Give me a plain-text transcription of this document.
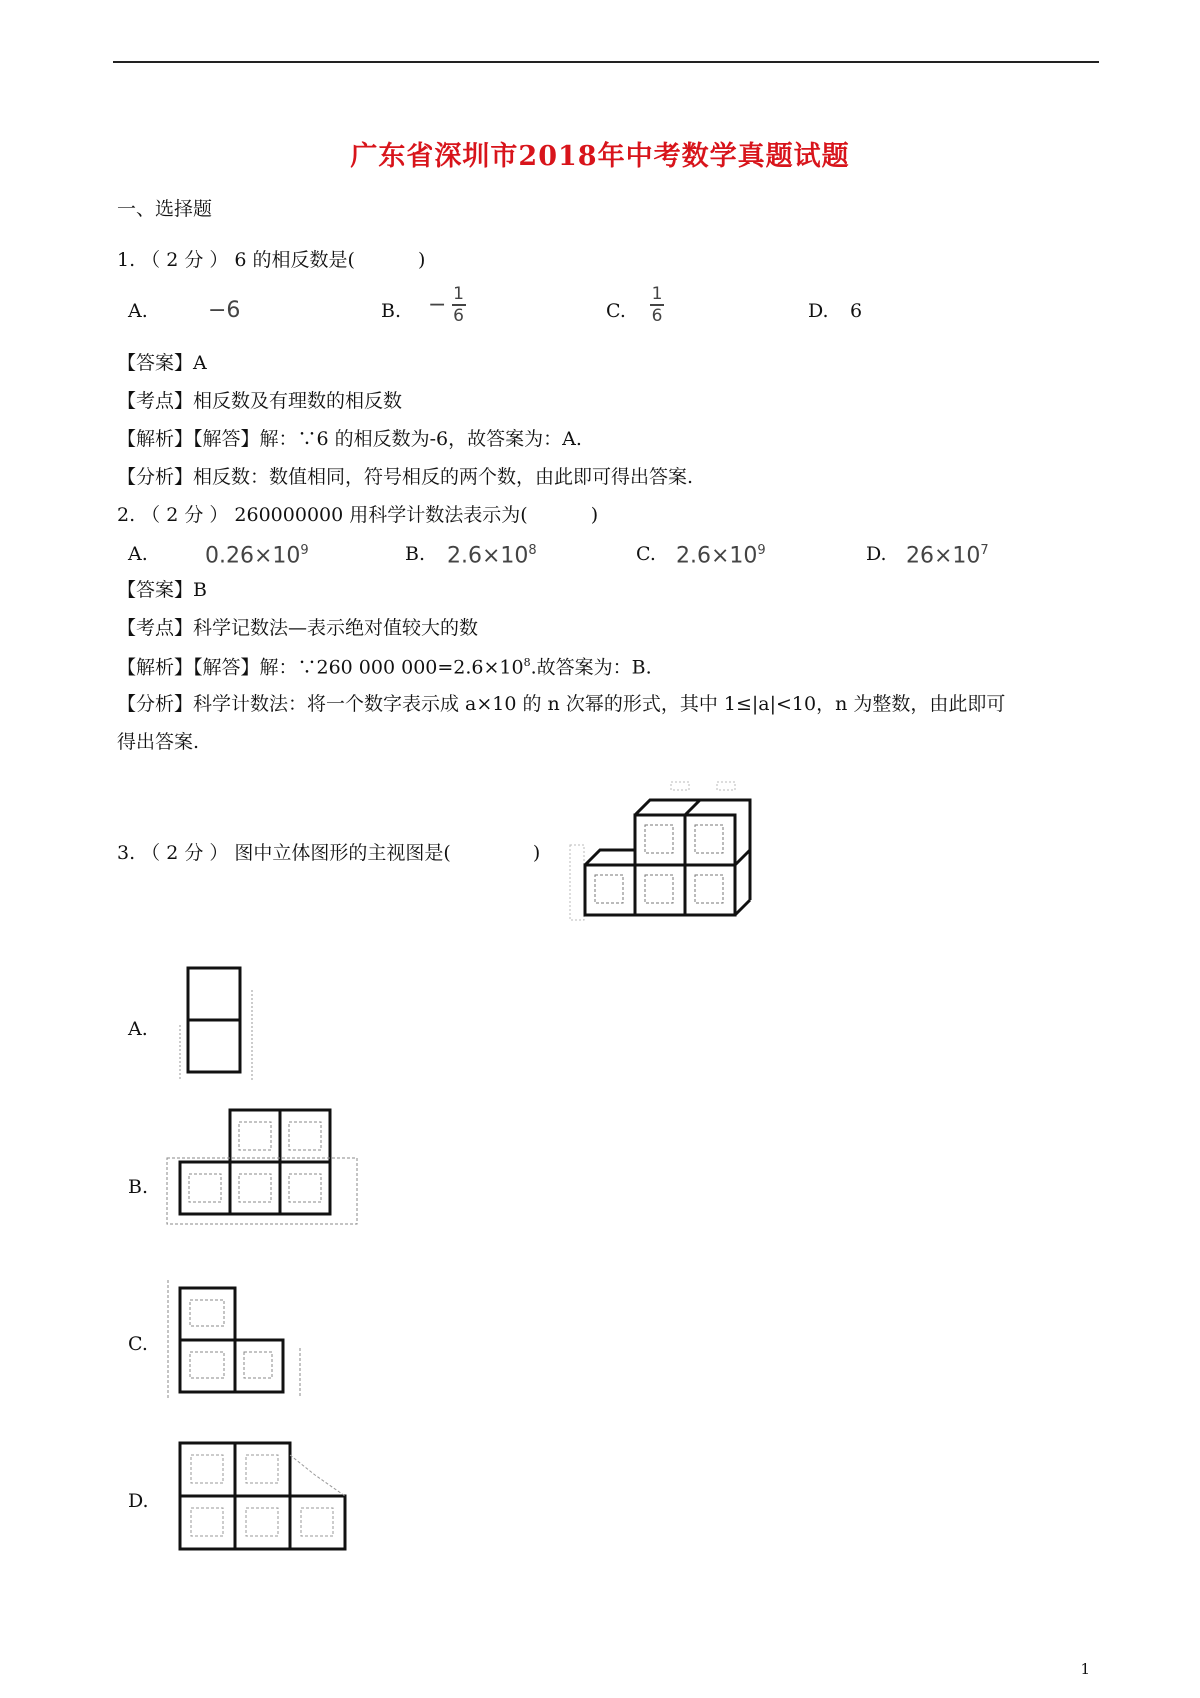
广东省深圳市2018年中考数学真题试题
一、选择题
1. （ 2 分 ） 6 的相反数是(　　　 )
A.	−6	B. − $\frac{1}{6}$	C. $\frac{1}{6}$	D. 6
【答案】A
【考点】相反数及有理数的相反数
【解析】【解答】解：∵6 的相反数为-6，故答案为：A.
【分析】相反数：数值相同，符号相反的两个数，由此即可得出答案.
2. （ 2 分 ） 260000000 用科学计数法表示为(　　　 )
A.	$0.26\times 10^9$	B. $2.6\times 10^8$	C. $2.6\times 10^9$	D. $26\times 10^7$
【答案】B
【考点】科学记数法—表示绝对值较大的数
【解析】【解答】解：∵260 000 $000=2.6\times 10^8$.故答案为：B.
【分析】科学计数法：将一个数字表示成 a×10 的 n 次幂的形式，其中 1≤|a|<10，n 为整数，由此即可
得出答案.
3. （ 2 分 ） 图中立体图形的主视图是(　　　　 )
A.
B.
C.
D.
1
